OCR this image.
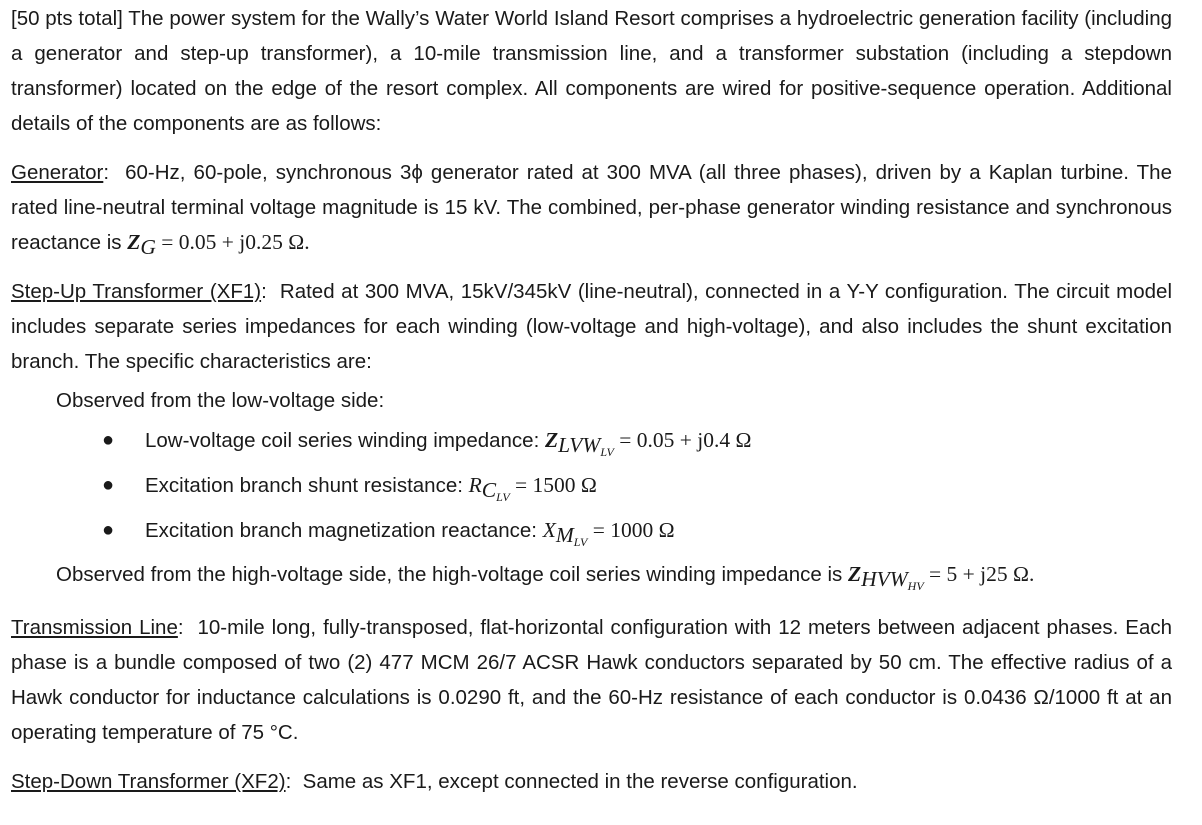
[50 pts total] The power system for the Wally’s Water World Island Resort comprises a hydroelectric generation facility (including a generator and step-up transformer), a 10-mile transmission line, and a transformer substation (including a stepdown transformer) located on the edge of the resort complex. All components are wired for positive-sequence operation. Additional details of the components are as follows:

Generator:  60-Hz, 60-pole, synchronous 3ϕ generator rated at 300 MVA (all three phases), driven by a Kaplan turbine. The rated line-neutral terminal voltage magnitude is 15 kV. The combined, per-phase generator winding resistance and synchronous reactance is $Z_G = 0.05 + j0.25$ Ω.

Step-Up Transformer (XF1):  Rated at 300 MVA, 15kV/345kV (line-neutral), connected in a Y-Y configuration. The circuit model includes separate series impedances for each winding (low-voltage and high-voltage), and also includes the shunt excitation branch. The specific characteristics are:

Observed from the low-voltage side:

● Low-voltage coil series winding impedance: $Z_{LVW_{LV}} = 0.05 + j0.4$ Ω
● Excitation branch shunt resistance: $R_{C_{LV}} = 1500$ Ω
● Excitation branch magnetization reactance: $X_{M_{LV}} = 1000$ Ω

Observed from the high-voltage side, the high-voltage coil series winding impedance is $Z_{HVW_{HV}} = 5 + j25$ Ω.

Transmission Line:  10-mile long, fully-transposed, flat-horizontal configuration with 12 meters between adjacent phases. Each phase is a bundle composed of two (2) 477 MCM 26/7 ACSR Hawk conductors separated by 50 cm. The effective radius of a Hawk conductor for inductance calculations is 0.0290 ft, and the 60-Hz resistance of each conductor is 0.0436 Ω/1000 ft at an operating temperature of 75 °C.

Step-Down Transformer (XF2):  Same as XF1, except connected in the reverse configuration.
